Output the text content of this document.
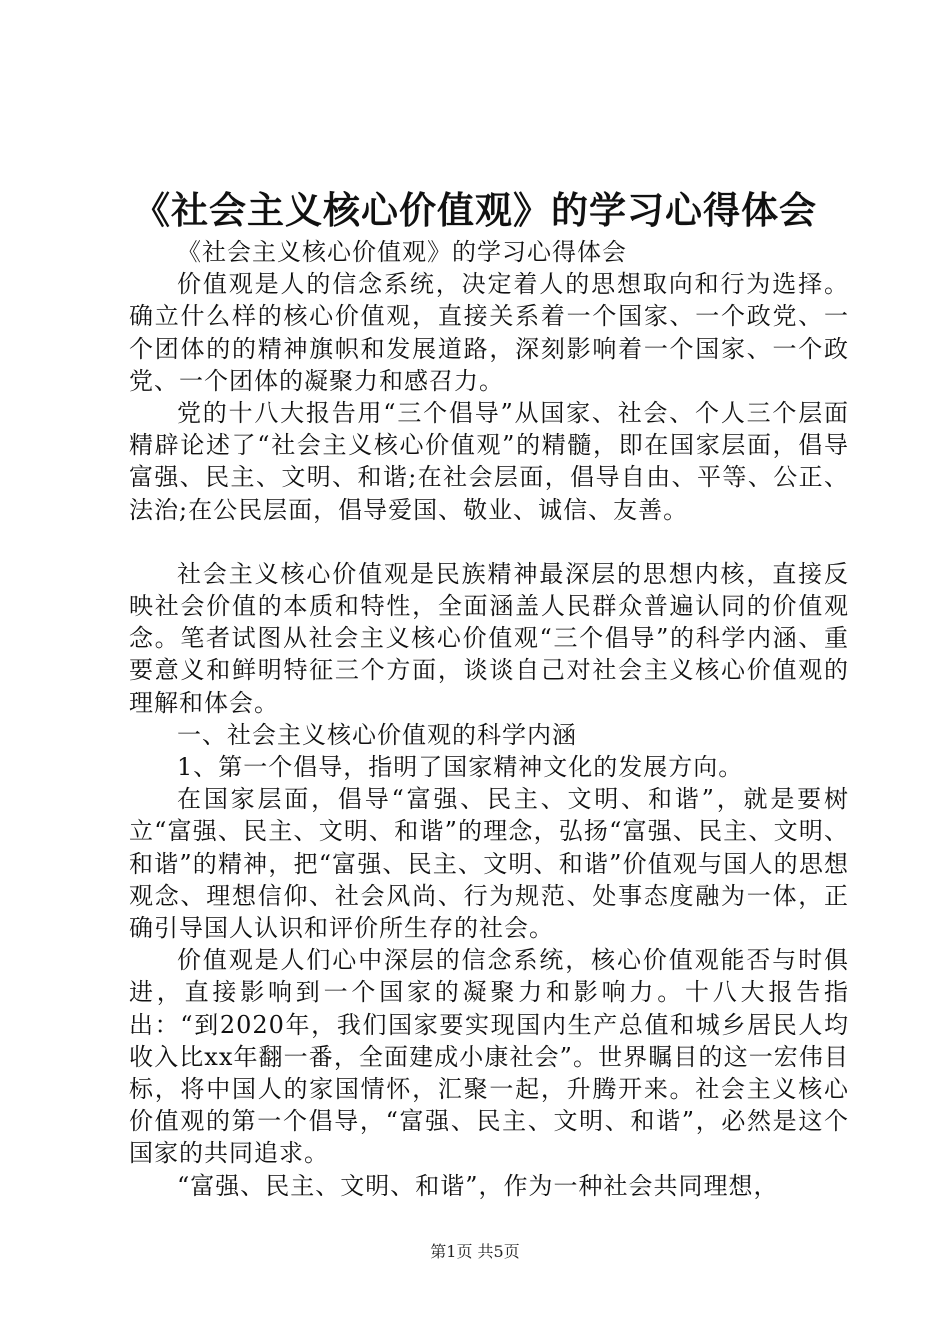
《社会主义核心价值观》的学习心得体会

《社会主义核心价值观》的学习心得体会

价值观是人的信念系统，决定着人的思想取向和行为选择。确立什么样的核心价值观，直接关系着一个国家、一个政党、一个团体的的精神旗帜和发展道路，深刻影响着一个国家、一个政党、一个团体的凝聚力和感召力。

党的十八大报告用“三个倡导”从国家、社会、个人三个层面精辟论述了“社会主义核心价值观”的精髓，即在国家层面，倡导富强、民主、文明、和谐;在社会层面，倡导自由、平等、公正、法治;在公民层面，倡导爱国、敬业、诚信、友善。

社会主义核心价值观是民族精神最深层的思想内核，直接反映社会价值的本质和特性，全面涵盖人民群众普遍认同的价值观念。笔者试图从社会主义核心价值观“三个倡导”的科学内涵、重要意义和鲜明特征三个方面，谈谈自己对社会主义核心价值观的理解和体会。

一、社会主义核心价值观的科学内涵

1、第一个倡导，指明了国家精神文化的发展方向。

在国家层面，倡导“富强、民主、文明、和谐”，就是要树立“富强、民主、文明、和谐”的理念，弘扬“富强、民主、文明、和谐”的精神，把“富强、民主、文明、和谐”价值观与国人的思想观念、理想信仰、社会风尚、行为规范、处事态度融为一体，正确引导国人认识和评价所生存的社会。

价值观是人们心中深层的信念系统，核心价值观能否与时俱进，直接影响到一个国家的凝聚力和影响力。十八大报告指出：“到2020年，我们国家要实现国内生产总值和城乡居民人均收入比xx年翻一番，全面建成小康社会”。世界瞩目的这一宏伟目标，将中国人的家国情怀，汇聚一起，升腾开来。社会主义核心价值观的第一个倡导，“富强、民主、文明、和谐”，必然是这个国家的共同追求。

“富强、民主、文明、和谐”，作为一种社会共同理想，

第1页 共5页
